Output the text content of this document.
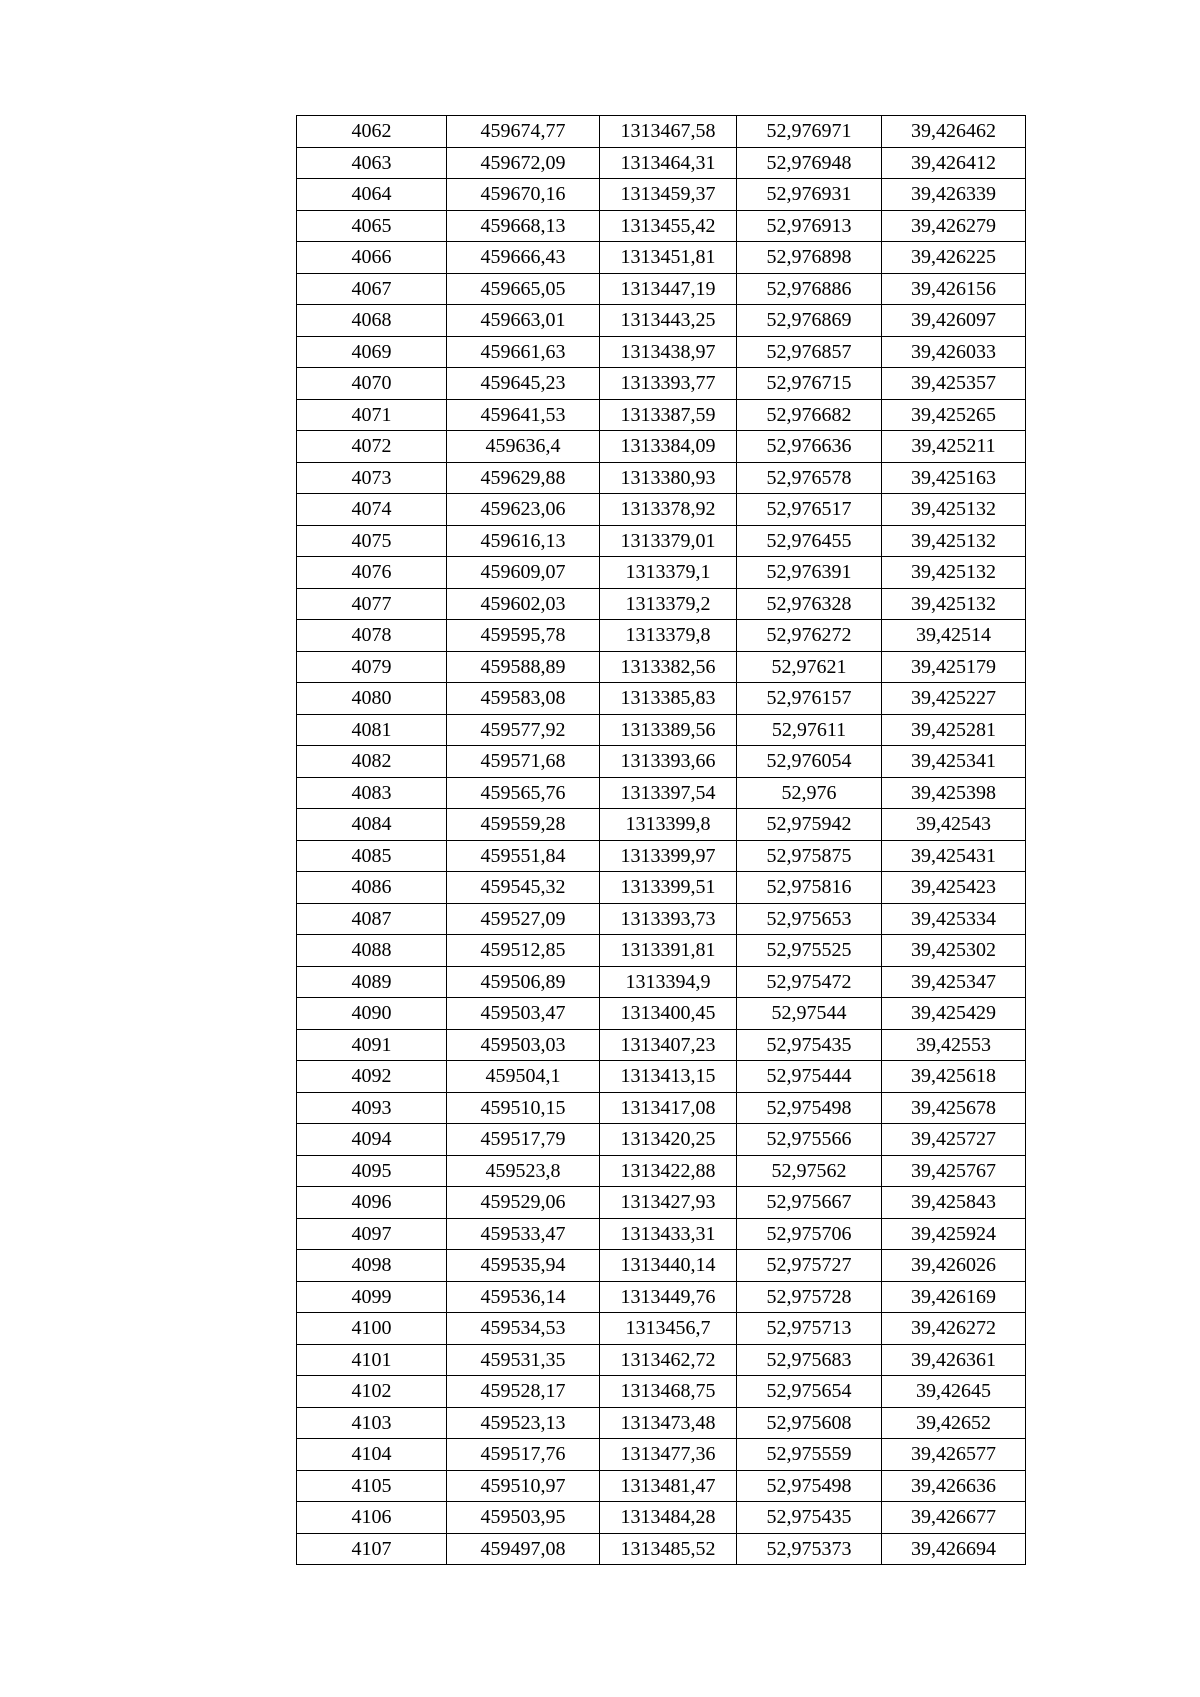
4062	459674,77	1313467,58	52,976971	39,426462
4063	459672,09	1313464,31	52,976948	39,426412
4064	459670,16	1313459,37	52,976931	39,426339
4065	459668,13	1313455,42	52,976913	39,426279
4066	459666,43	1313451,81	52,976898	39,426225
4067	459665,05	1313447,19	52,976886	39,426156
4068	459663,01	1313443,25	52,976869	39,426097
4069	459661,63	1313438,97	52,976857	39,426033
4070	459645,23	1313393,77	52,976715	39,425357
4071	459641,53	1313387,59	52,976682	39,425265
4072	459636,4	1313384,09	52,976636	39,425211
4073	459629,88	1313380,93	52,976578	39,425163
4074	459623,06	1313378,92	52,976517	39,425132
4075	459616,13	1313379,01	52,976455	39,425132
4076	459609,07	1313379,1	52,976391	39,425132
4077	459602,03	1313379,2	52,976328	39,425132
4078	459595,78	1313379,8	52,976272	39,42514
4079	459588,89	1313382,56	52,97621	39,425179
4080	459583,08	1313385,83	52,976157	39,425227
4081	459577,92	1313389,56	52,97611	39,425281
4082	459571,68	1313393,66	52,976054	39,425341
4083	459565,76	1313397,54	52,976	39,425398
4084	459559,28	1313399,8	52,975942	39,42543
4085	459551,84	1313399,97	52,975875	39,425431
4086	459545,32	1313399,51	52,975816	39,425423
4087	459527,09	1313393,73	52,975653	39,425334
4088	459512,85	1313391,81	52,975525	39,425302
4089	459506,89	1313394,9	52,975472	39,425347
4090	459503,47	1313400,45	52,97544	39,425429
4091	459503,03	1313407,23	52,975435	39,42553
4092	459504,1	1313413,15	52,975444	39,425618
4093	459510,15	1313417,08	52,975498	39,425678
4094	459517,79	1313420,25	52,975566	39,425727
4095	459523,8	1313422,88	52,97562	39,425767
4096	459529,06	1313427,93	52,975667	39,425843
4097	459533,47	1313433,31	52,975706	39,425924
4098	459535,94	1313440,14	52,975727	39,426026
4099	459536,14	1313449,76	52,975728	39,426169
4100	459534,53	1313456,7	52,975713	39,426272
4101	459531,35	1313462,72	52,975683	39,426361
4102	459528,17	1313468,75	52,975654	39,42645
4103	459523,13	1313473,48	52,975608	39,42652
4104	459517,76	1313477,36	52,975559	39,426577
4105	459510,97	1313481,47	52,975498	39,426636
4106	459503,95	1313484,28	52,975435	39,426677
4107	459497,08	1313485,52	52,975373	39,426694
